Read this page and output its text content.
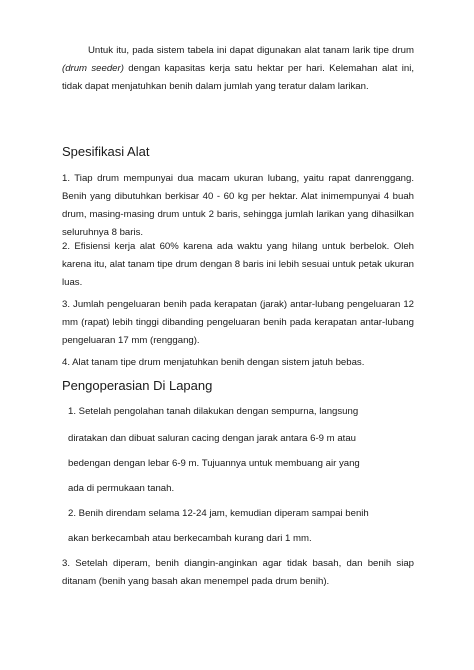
Untuk itu, pada sistem tabela ini dapat digunakan alat tanam larik tipe drum (drum seeder) dengan kapasitas kerja satu hektar per hari. Kelemahan alat ini, tidak dapat menjatuhkan benih dalam jumlah yang teratur dalam larikan.

Spesifikasi Alat

1. Tiap drum mempunyai dua macam ukuran lubang, yaitu rapat danrenggang. Benih yang dibutuhkan berkisar 40 - 60 kg per hektar. Alat inimempunyai 4 buah drum, masing-masing drum untuk 2 baris, sehingga jumlah larikan yang dihasilkan seluruhnya 8 baris.

2. Efisiensi kerja alat 60% karena ada waktu yang hilang untuk berbelok. Oleh karena itu, alat tanam tipe drum dengan 8 baris ini lebih sesuai untuk petak ukuran luas.

3. Jumlah pengeluaran benih pada kerapatan (jarak) antar-lubang pengeluaran 12 mm (rapat) lebih tinggi dibanding pengeluaran benih pada kerapatan antar-lubang pengeluaran 17 mm (renggang).

4. Alat tanam tipe drum menjatuhkan benih dengan sistem jatuh bebas.

Pengoperasian Di Lapang
1. Setelah pengolahan tanah dilakukan dengan sempurna, langsung
diratakan dan dibuat saluran cacing dengan jarak antara 6-9 m atau
bedengan dengan lebar 6-9 m. Tujuannya untuk membuang air yang
ada di permukaan tanah.
2. Benih direndam selama 12-24 jam, kemudian diperam sampai benih
akan berkecambah atau berkecambah kurang dari 1 mm.

3. Setelah diperam, benih diangin-anginkan agar tidak basah, dan benih siap ditanam (benih yang basah akan menempel pada drum benih).
